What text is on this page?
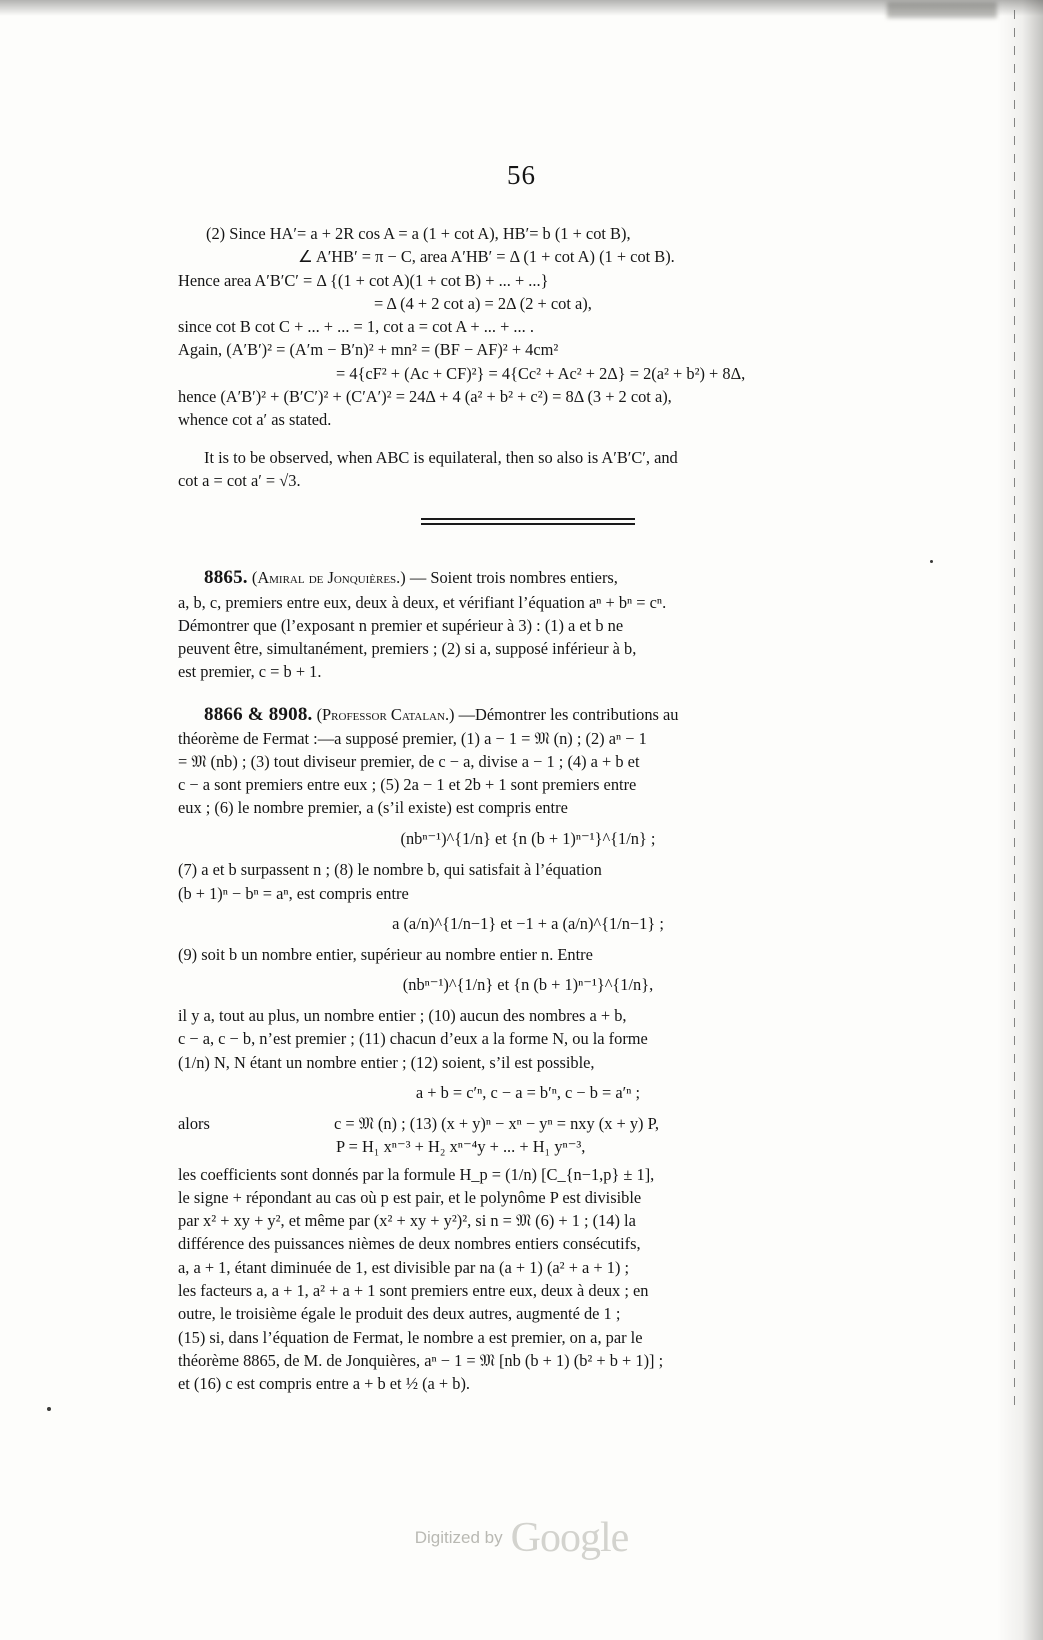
56
(2) Since HA′= a + 2R cos A = a (1 + cot A), HB′= b (1 + cot B),
∠ A′HB′ = π − C, area A′HB′ = Δ (1 + cot A) (1 + cot B).
Hence area A′B′C′ = Δ {(1 + cot A)(1 + cot B) + ... + ...}
= Δ (4 + 2 cot a) = 2Δ (2 + cot a),
since cot B cot C + ... + ... = 1, cot a = cot A + ... + ... .
Again, (A′B′)² = (A′m − B′n)² + mn² = (BF − AF)² + 4cm²
= 4{cF² + (Ac + CF)²} = 4{Cc² + Ac² + 2Δ} = 2(a² + b²) + 8Δ,
hence (A′B′)² + (B′C′)² + (C′A′)² = 24Δ + 4 (a² + b² + c²) = 8Δ (3 + 2 cot a),
whence cot a′ as stated.
It is to be observed, when ABC is equilateral, then so also is A′B′C′, and
cot a = cot a′ = √3.
8865. (Amiral de Jonquières.) — Soient trois nombres entiers,
a, b, c, premiers entre eux, deux à deux, et vérifiant l’équation aⁿ + bⁿ = cⁿ.
Démontrer que (l’exposant n premier et supérieur à 3) : (1) a et b ne
peuvent être, simultanément, premiers ; (2) si a, supposé inférieur à b,
est premier, c = b + 1.
8866 & 8908. (Professor Catalan.) —Démontrer les contributions au
théorème de Fermat :—a supposé premier, (1) a − 1 = 𝔐 (n) ; (2) aⁿ − 1
= 𝔐 (nb) ; (3) tout diviseur premier, de c − a, divise a − 1 ; (4) a + b et
c − a sont premiers entre eux ; (5) 2a − 1 et 2b + 1 sont premiers entre
eux ; (6) le nombre premier, a (s’il existe) est compris entre
(nbⁿ⁻¹)^{1/n} et {n (b + 1)ⁿ⁻¹}^{1/n} ;
(7) a et b surpassent n ; (8) le nombre b, qui satisfait à l’équation
(b + 1)ⁿ − bⁿ = aⁿ, est compris entre
a (a/n)^{1/n−1} et −1 + a (a/n)^{1/n−1} ;
(9) soit b un nombre entier, supérieur au nombre entier n. Entre
(nbⁿ⁻¹)^{1/n} et {n (b + 1)ⁿ⁻¹}^{1/n},
il y a, tout au plus, un nombre entier ; (10) aucun des nombres a + b,
c − a, c − b, n’est premier ; (11) chacun d’eux a la forme N, ou la forme
(1/n) N, N étant un nombre entier ; (12) soient, s’il est possible,
a + b = c′ⁿ, c − a = b′ⁿ, c − b = a′ⁿ ;
alors	c = 𝔐 (n) ; (13) (x + y)ⁿ − xⁿ − yⁿ = nxy (x + y) P,
P = H₁ xⁿ⁻³ + H₂ xⁿ⁻⁴y + ... + H₁ yⁿ⁻³,
les coefficients sont donnés par la formule H_p = (1/n) [C_{n−1,p} ± 1],
le signe + répondant au cas où p est pair, et le polynôme P est divisible
par x² + xy + y², et même par (x² + xy + y²)², si n = 𝔐 (6) + 1 ; (14) la
différence des puissances nièmes de deux nombres entiers consécutifs,
a, a + 1, étant diminuée de 1, est divisible par na (a + 1) (a² + a + 1) ;
les facteurs a, a + 1, a² + a + 1 sont premiers entre eux, deux à deux ; en
outre, le troisième égale le produit des deux autres, augmenté de 1 ;
(15) si, dans l’équation de Fermat, le nombre a est premier, on a, par le
théorème 8865, de M. de Jonquières, aⁿ − 1 = 𝔐 [nb (b + 1) (b² + b + 1)] ;
et (16) c est compris entre a + b et ½ (a + b).
Digitized by Google
